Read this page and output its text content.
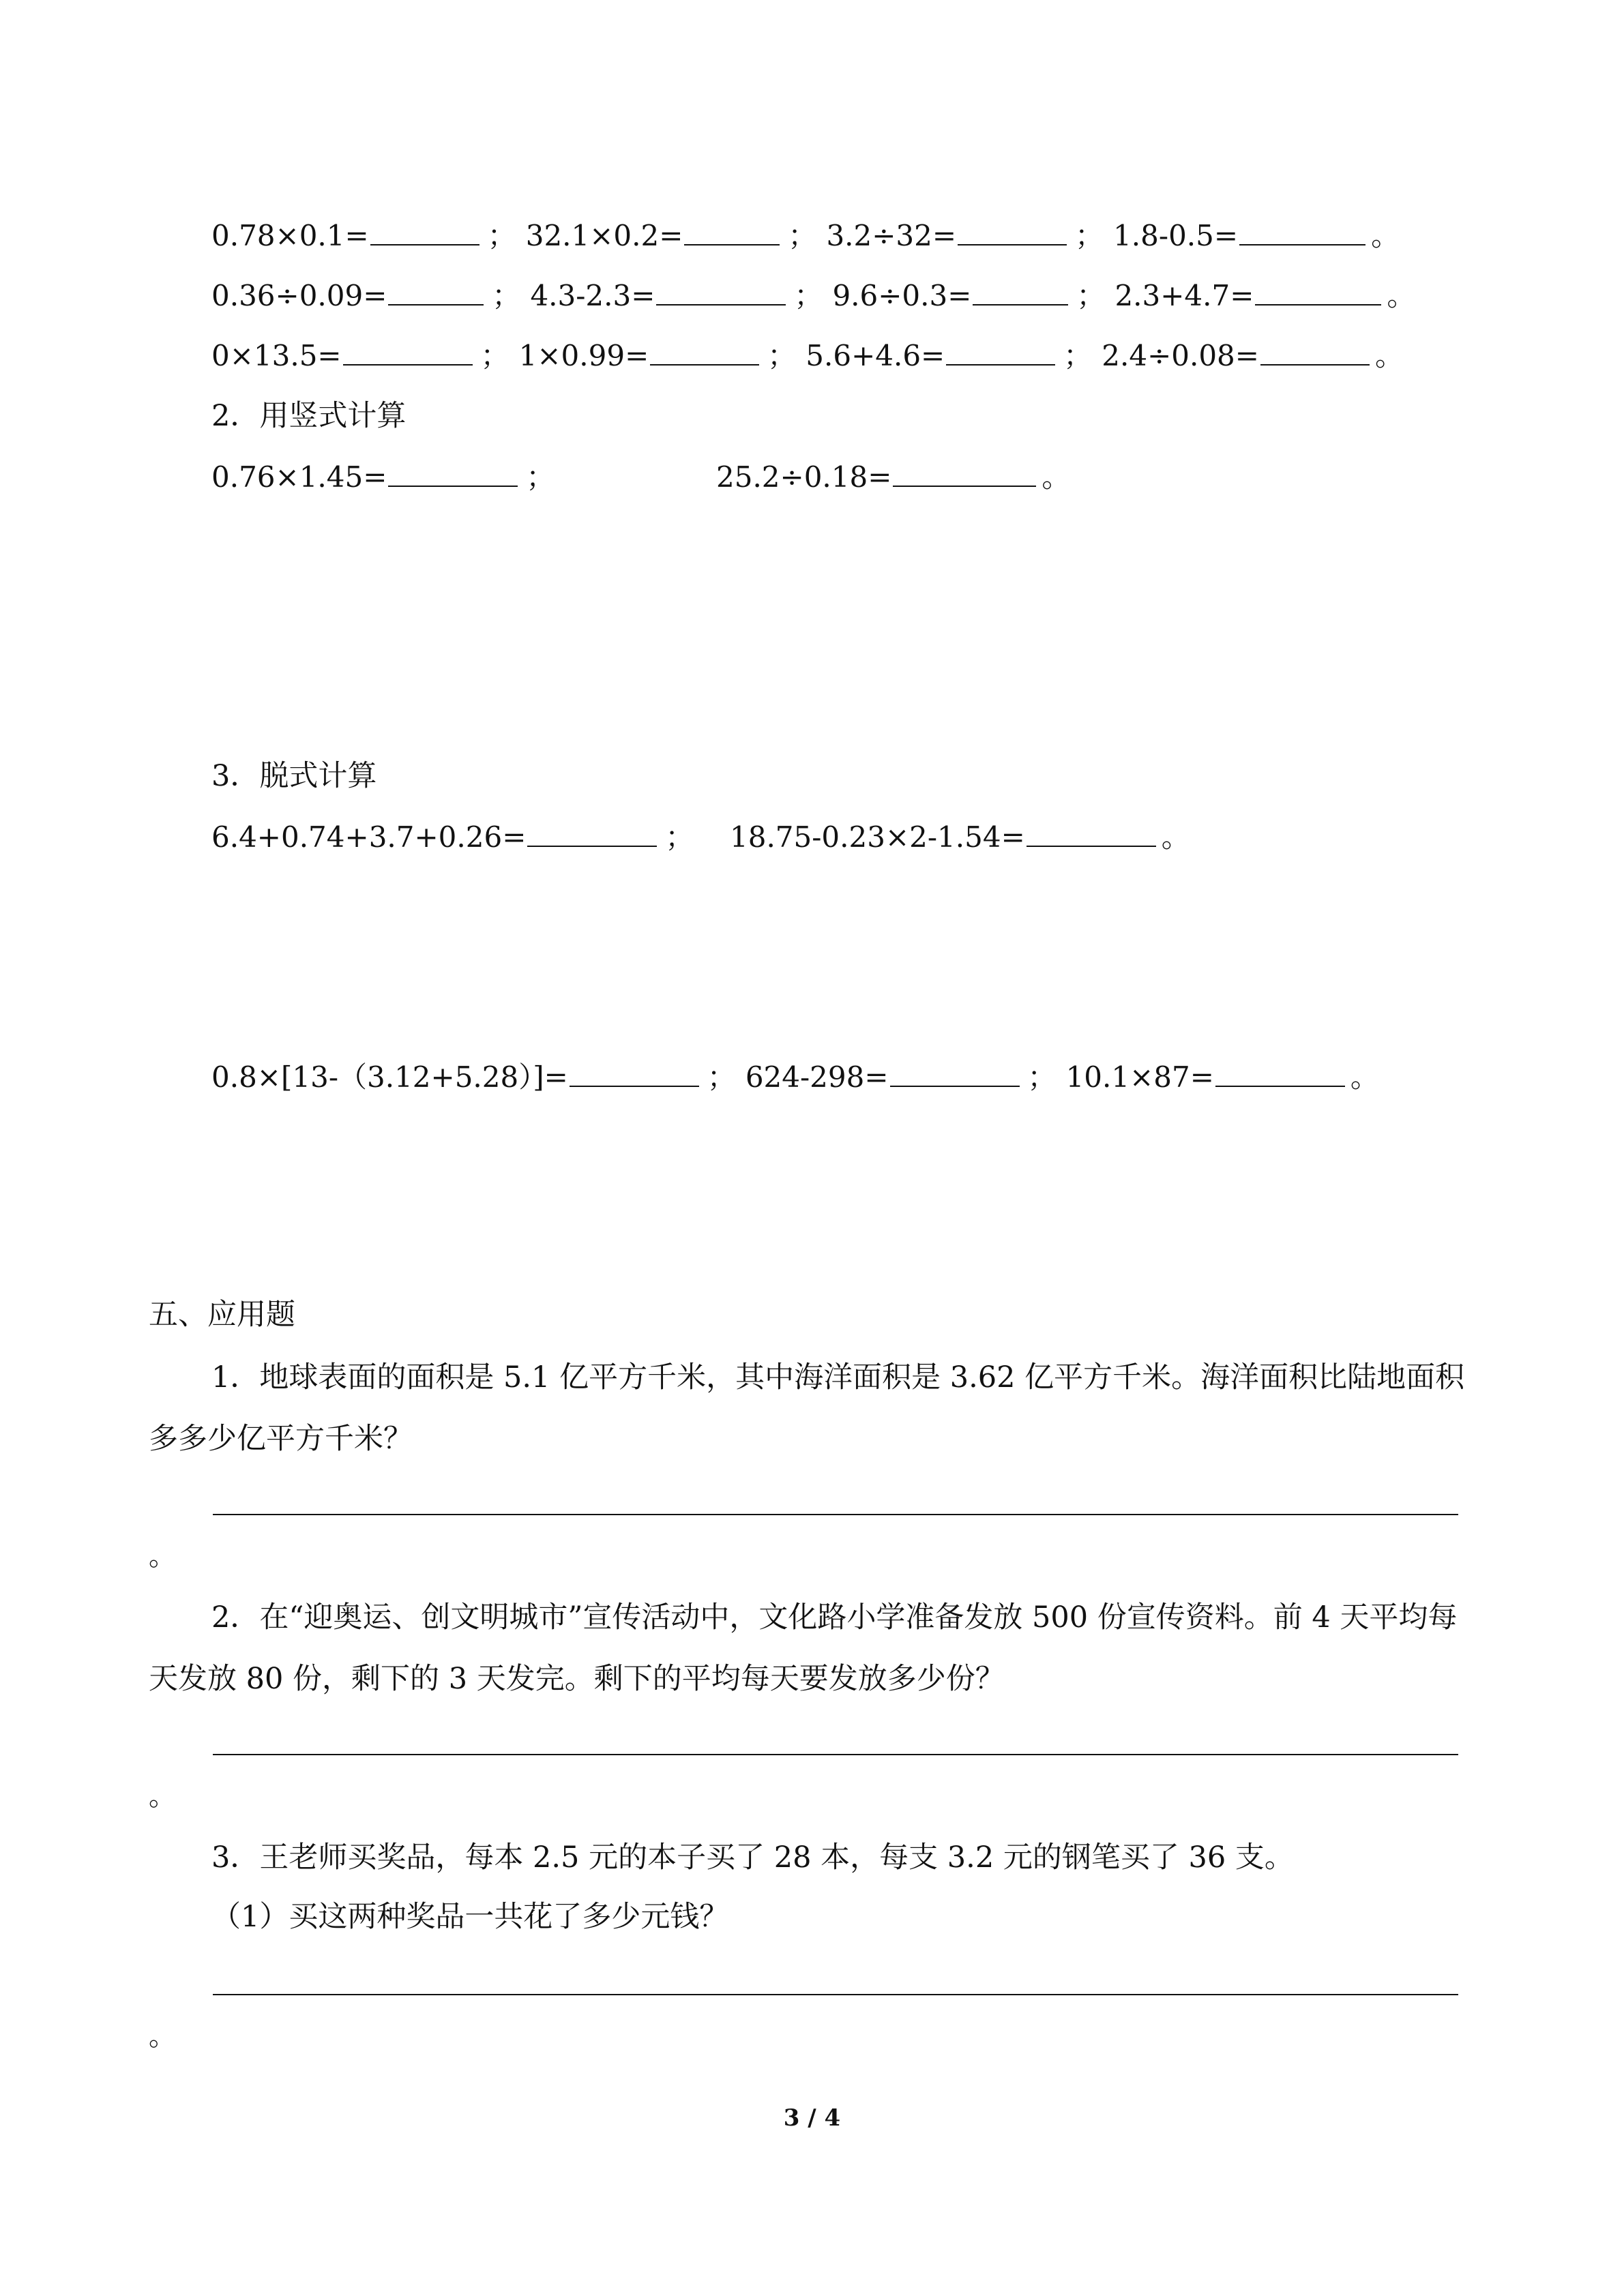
0.78×0.1=	； 32.1×0.2=	； 3.2÷32=	； 1.8-0.5=	。
0.36÷0.09=	； 4.3-2.3=	； 9.6÷0.3=	； 2.3+4.7=	。
0×13.5=	； 1×0.99=	； 5.6+4.6=	； 2.4÷0.08=	。
2．用竖式计算
0.76×1.45=	；	25.2÷0.18=	。
3．脱式计算
6.4+0.74+3.7+0.26=	； 18.75-0.23×2-1.54=	。
0.8×[13-（3.12+5.28）]=	； 624-298=	； 10.1×87=	。
五、应用题
1．地球表面的面积是 5.1 亿平方千米，其中海洋面积是 3.62 亿平方千米。海洋面积比陆地面积多多少亿平方千米？
。
2．在“迎奥运、创文明城市”宣传活动中，文化路小学准备发放 500 份宣传资料。前 4 天平均每天发放 80 份，剩下的 3 天发完。剩下的平均每天要发放多少份？
。
3．王老师买奖品，每本 2.5 元的本子买了 28 本，每支 3.2 元的钢笔买了 36 支。
（1）买这两种奖品一共花了多少元钱？
。
3 / 4
